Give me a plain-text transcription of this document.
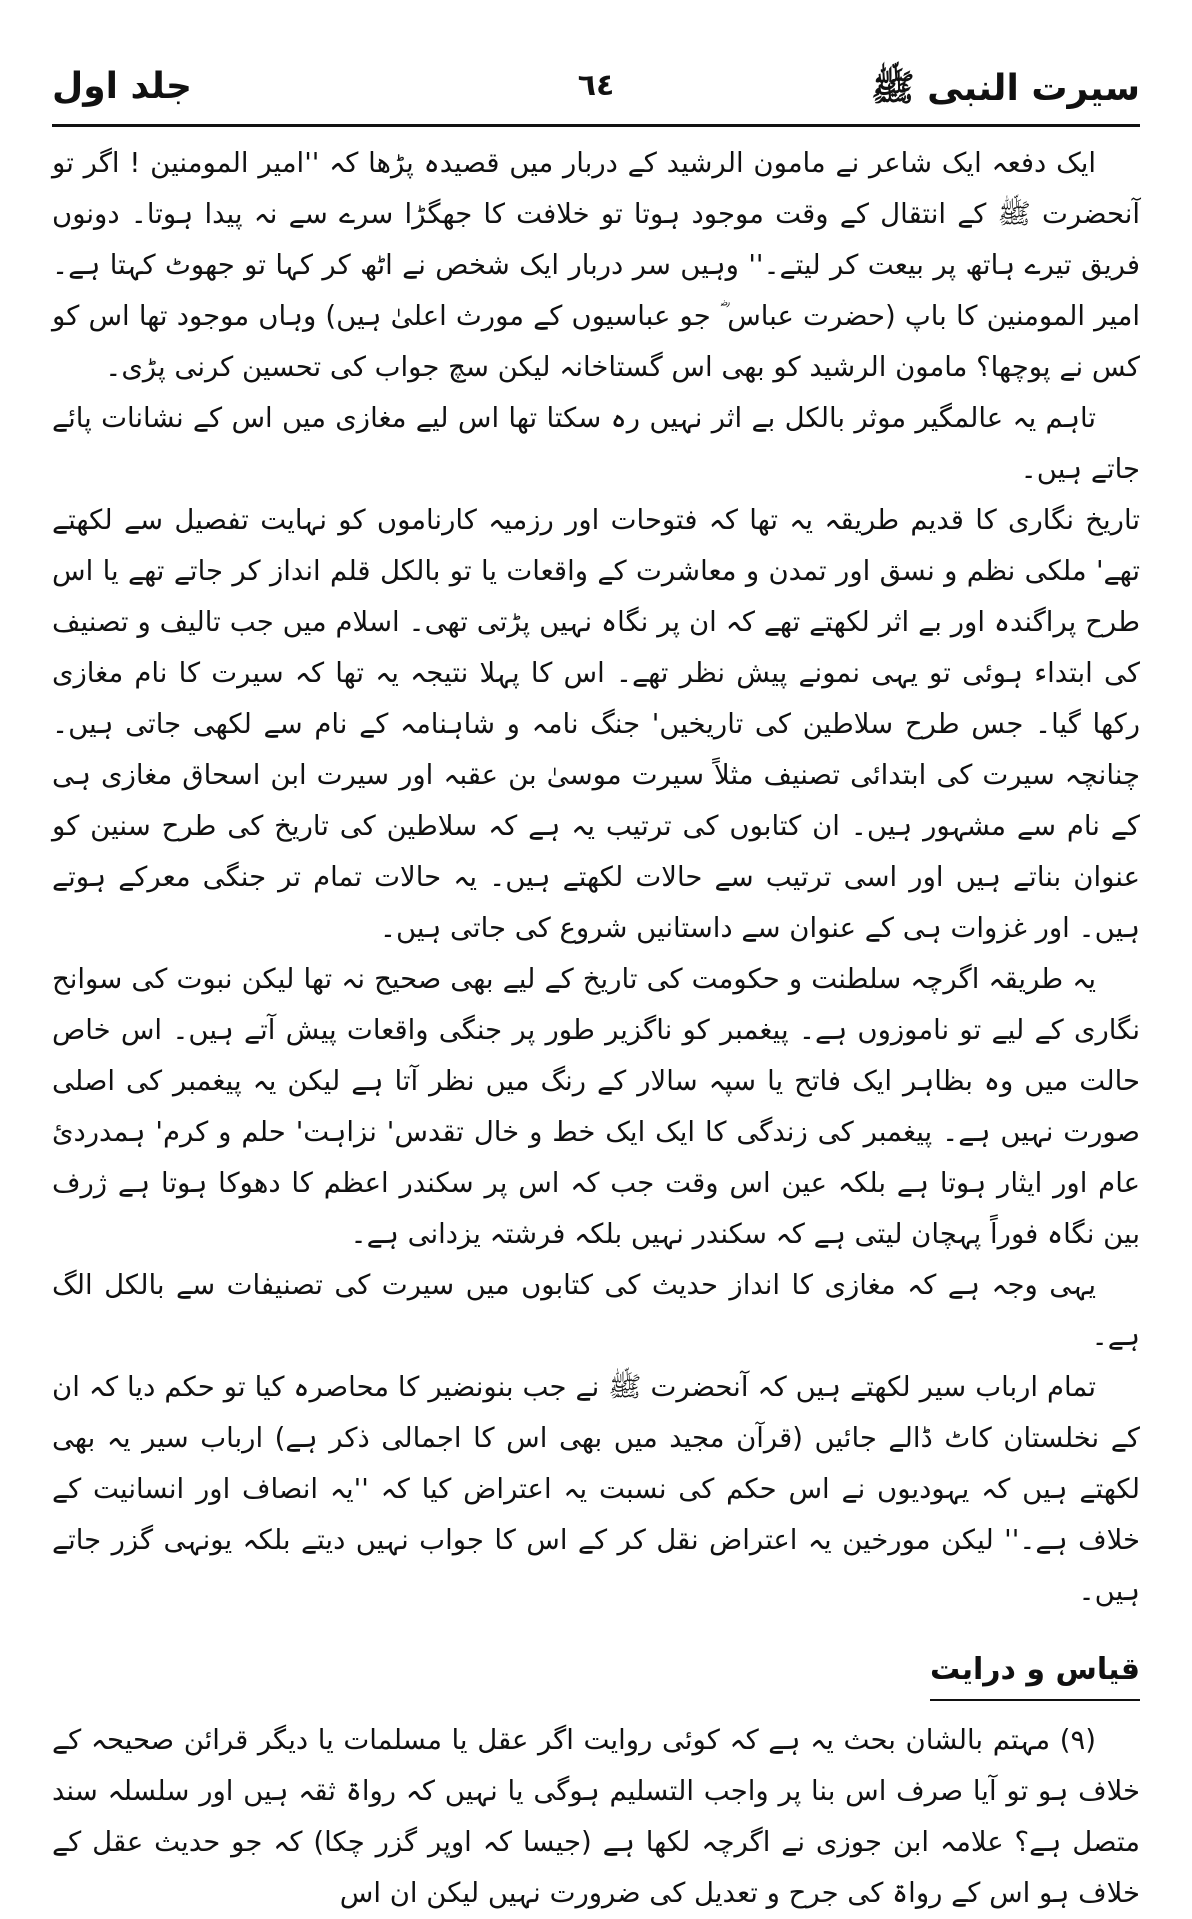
سیرت النبی ﷺ
٦٤
جلد اول

ایک دفعہ ایک شاعر نے مامون الرشید کے دربار میں قصیدہ پڑھا کہ ''امیر المومنین ! اگر تو آنحضرت ﷺ کے انتقال کے وقت موجود ہوتا تو خلافت کا جھگڑا سرے سے نہ پیدا ہوتا۔ دونوں فریق تیرے ہاتھ پر بیعت کر لیتے۔'' وہیں سر دربار ایک شخص نے اٹھ کر کہا تو جھوٹ کہتا ہے۔ امیر المومنین کا باپ (حضرت عباس ؓ جو عباسیوں کے مورث اعلیٰ ہیں) وہاں موجود تھا اس کو کس نے پوچھا؟ مامون الرشید کو بھی اس گستاخانہ لیکن سچ جواب کی تحسین کرنی پڑی۔

تاہم یہ عالمگیر موثر بالکل بے اثر نہیں رہ سکتا تھا اس لیے مغازی میں اس کے نشانات پائے جاتے ہیں۔

تاریخ نگاری کا قدیم طریقہ یہ تھا کہ فتوحات اور رزمیہ کارناموں کو نہایت تفصیل سے لکھتے تھے' ملکی نظم و نسق اور تمدن و معاشرت کے واقعات یا تو بالکل قلم انداز کر جاتے تھے یا اس طرح پراگندہ اور بے اثر لکھتے تھے کہ ان پر نگاہ نہیں پڑتی تھی۔ اسلام میں جب تالیف و تصنیف کی ابتداء ہوئی تو یہی نمونے پیش نظر تھے۔ اس کا پہلا نتیجہ یہ تھا کہ سیرت کا نام مغازی رکھا گیا۔ جس طرح سلاطین کی تاریخیں' جنگ نامہ و شاہنامہ کے نام سے لکھی جاتی ہیں۔ چنانچہ سیرت کی ابتدائی تصنیف مثلاً سیرت موسیٰ بن عقبہ اور سیرت ابن اسحاق مغازی ہی کے نام سے مشہور ہیں۔ ان کتابوں کی ترتیب یہ ہے کہ سلاطین کی تاریخ کی طرح سنین کو عنوان بناتے ہیں اور اسی ترتیب سے حالات لکھتے ہیں۔ یہ حالات تمام تر جنگی معرکے ہوتے ہیں۔ اور غزوات ہی کے عنوان سے داستانیں شروع کی جاتی ہیں۔

یہ طریقہ اگرچہ سلطنت و حکومت کی تاریخ کے لیے بھی صحیح نہ تھا لیکن نبوت کی سوانح نگاری کے لیے تو ناموزوں ہے۔ پیغمبر کو ناگزیر طور پر جنگی واقعات پیش آتے ہیں۔ اس خاص حالت میں وہ بظاہر ایک فاتح یا سپہ سالار کے رنگ میں نظر آتا ہے لیکن یہ پیغمبر کی اصلی صورت نہیں ہے۔ پیغمبر کی زندگی کا ایک ایک خط و خال تقدس' نزاہت' حلم و کرم' ہمدردئ عام اور ایثار ہوتا ہے بلکہ عین اس وقت جب کہ اس پر سکندر اعظم کا دھوکا ہوتا ہے ژرف بین نگاہ فوراً پہچان لیتی ہے کہ سکندر نہیں بلکہ فرشتہ یزدانی ہے۔

یہی وجہ ہے کہ مغازی کا انداز حدیث کی کتابوں میں سیرت کی تصنیفات سے بالکل الگ ہے۔

تمام ارباب سیر لکھتے ہیں کہ آنحضرت ﷺ نے جب بنونضیر کا محاصرہ کیا تو حکم دیا کہ ان کے نخلستان کاٹ ڈالے جائیں (قرآن مجید میں بھی اس کا اجمالی ذکر ہے) ارباب سیر یہ بھی لکھتے ہیں کہ یہودیوں نے اس حکم کی نسبت یہ اعتراض کیا کہ ''یہ انصاف اور انسانیت کے خلاف ہے۔'' لیکن مورخین یہ اعتراض نقل کر کے اس کا جواب نہیں دیتے بلکہ یونہی گزر جاتے ہیں۔

قیاس و درایت

(۹) مہتم بالشان بحث یہ ہے کہ کوئی روایت اگر عقل یا مسلمات یا دیگر قرائن صحیحہ کے خلاف ہو تو آیا صرف اس بنا پر واجب التسلیم ہوگی یا نہیں کہ رواۃ ثقہ ہیں اور سلسلہ سند متصل ہے؟ علامہ ابن جوزی نے اگرچہ لکھا ہے (جیسا کہ اوپر گزر چکا) کہ جو حدیث عقل کے خلاف ہو اس کے رواۃ کی جرح و تعدیل کی ضرورت نہیں لیکن ان اس
